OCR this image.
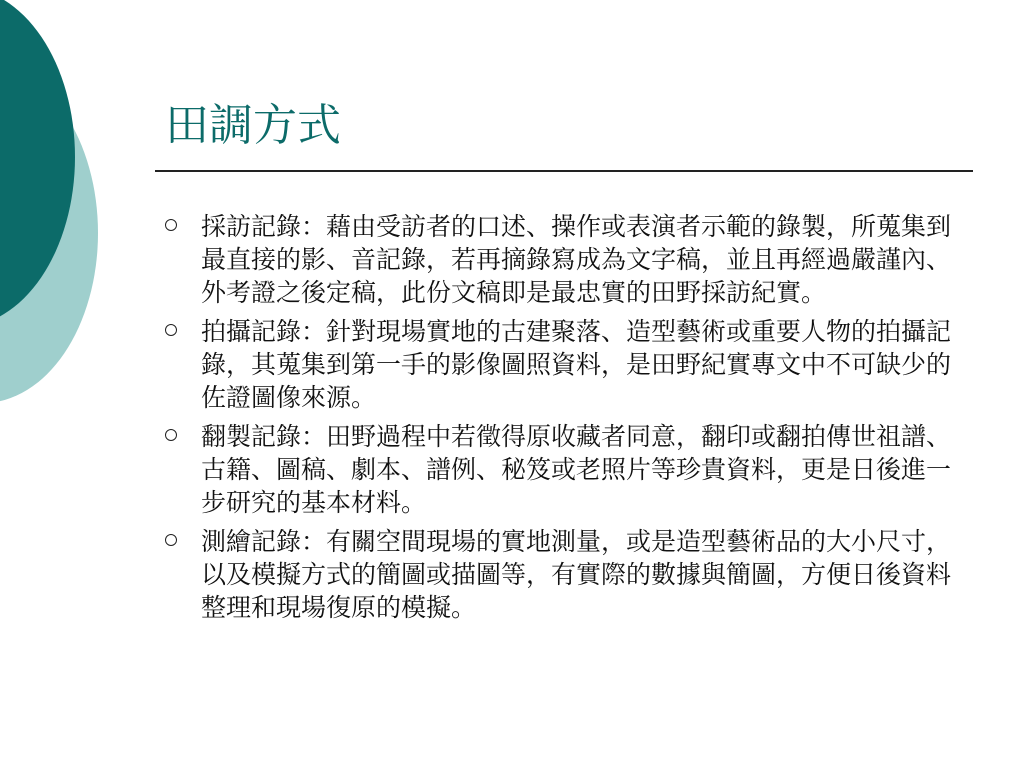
田調方式
採訪記錄：藉由受訪者的口述、操作或表演者示範的錄製，所蒐集到最直接的影、音記錄，若再摘錄寫成為文字稿，並且再經過嚴謹內、外考證之後定稿，此份文稿即是最忠實的田野採訪紀實。
拍攝記錄：針對現場實地的古建聚落、造型藝術或重要人物的拍攝記錄，其蒐集到第一手的影像圖照資料，是田野紀實專文中不可缺少的佐證圖像來源。
翻製記錄：田野過程中若徵得原收藏者同意，翻印或翻拍傳世祖譜、古籍、圖稿、劇本、譜例、秘笈或老照片等珍貴資料，更是日後進一步研究的基本材料。
測繪記錄：有關空間現場的實地測量，或是造型藝術品的大小尺寸，以及模擬方式的簡圖或描圖等，有實際的數據與簡圖，方便日後資料整理和現場復原的模擬。
